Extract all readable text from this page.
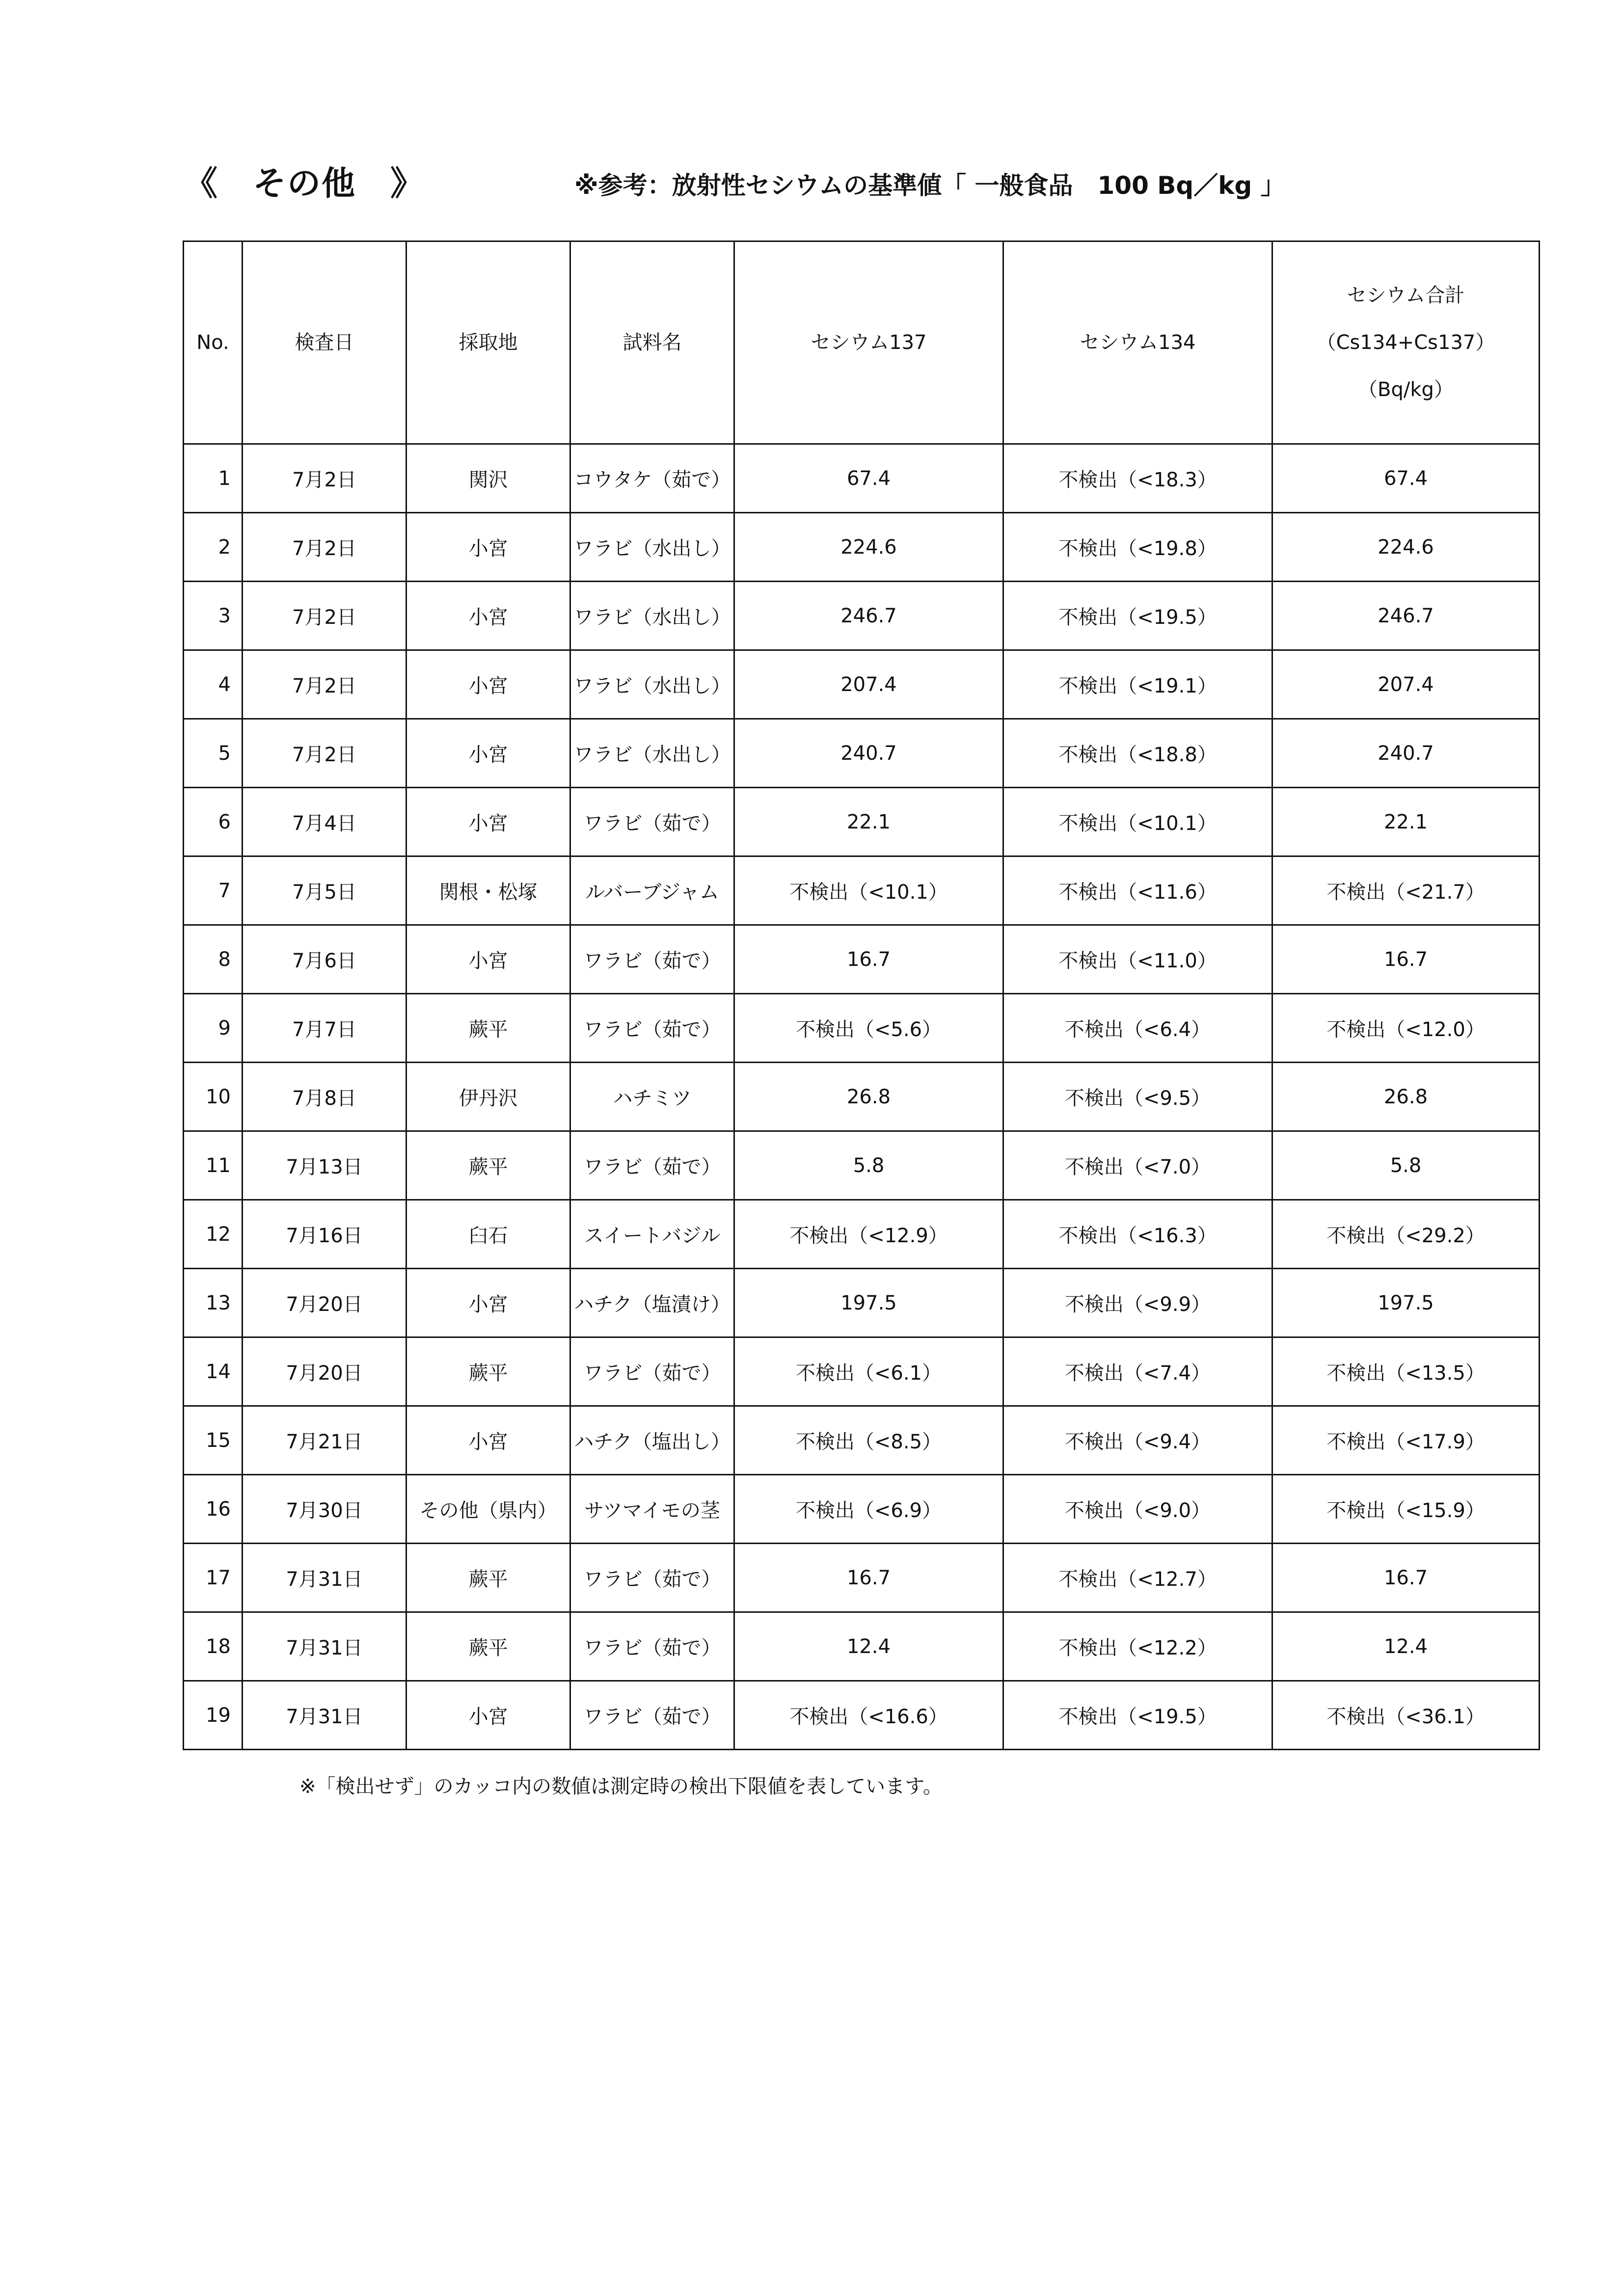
《　その他　》	※参考：放射性セシウムの基準値「 一般食品　100 Bq／kg 」
No.	検査日	採取地	試料名	セシウム137	セシウム134	セシウム合計
（Cs134+Cs137）
（Bq/kg）

1	7月2日	関沢	コウタケ（茹で）	67.4	不検出（<18.3）	67.4
2	7月2日	小宮	ワラビ（水出し）	224.6	不検出（<19.8）	224.6
3	7月2日	小宮	ワラビ（水出し）	246.7	不検出（<19.5）	246.7
4	7月2日	小宮	ワラビ（水出し）	207.4	不検出（<19.1）	207.4
5	7月2日	小宮	ワラビ（水出し）	240.7	不検出（<18.8）	240.7
6	7月4日	小宮	ワラビ（茹で）	22.1	不検出（<10.1）	22.1
7	7月5日	関根・松塚	ルバーブジャム	不検出（<10.1）	不検出（<11.6）	不検出（<21.7）
8	7月6日	小宮	ワラビ（茹で）	16.7	不検出（<11.0）	16.7
9	7月7日	蕨平	ワラビ（茹で）	不検出（<5.6）	不検出（<6.4）	不検出（<12.0）
10	7月8日	伊丹沢	ハチミツ	26.8	不検出（<9.5）	26.8
11	7月13日	蕨平	ワラビ（茹で）	5.8	不検出（<7.0）	5.8
12	7月16日	臼石	スイートバジル	不検出（<12.9）	不検出（<16.3）	不検出（<29.2）
13	7月20日	小宮	ハチク（塩漬け）	197.5	不検出（<9.9）	197.5
14	7月20日	蕨平	ワラビ（茹で）	不検出（<6.1）	不検出（<7.4）	不検出（<13.5）
15	7月21日	小宮	ハチク（塩出し）	不検出（<8.5）	不検出（<9.4）	不検出（<17.9）
16	7月30日	その他（県内）	サツマイモの茎	不検出（<6.9）	不検出（<9.0）	不検出（<15.9）
17	7月31日	蕨平	ワラビ（茹で）	16.7	不検出（<12.7）	16.7
18	7月31日	蕨平	ワラビ（茹で）	12.4	不検出（<12.2）	12.4
19	7月31日	小宮	ワラビ（茹で）	不検出（<16.6）	不検出（<19.5）	不検出（<36.1）
※「検出せず」のカッコ内の数値は測定時の検出下限値を表しています。
